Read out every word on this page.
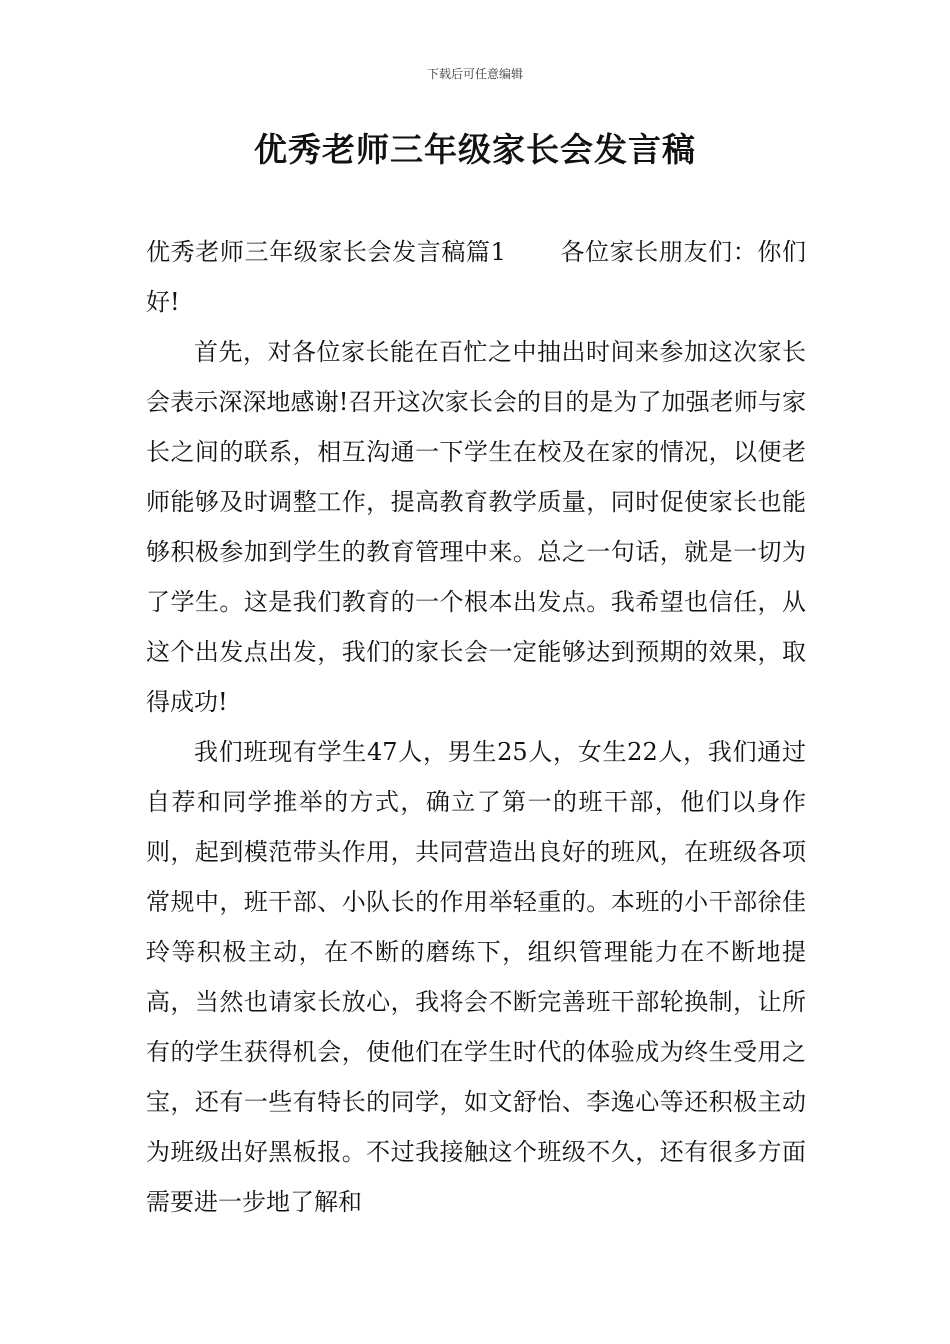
下载后可任意编辑
优秀老师三年级家长会发言稿

优秀老师三年级家长会发言稿篇1 各位家长朋友们：你们好!

首先，对各位家长能在百忙之中抽出时间来参加这次家长会表示深深地感谢!召开这次家长会的目的是为了加强老师与家长之间的联系，相互沟通一下学生在校及在家的情况，以便老师能够及时调整工作，提高教育教学质量，同时促使家长也能够积极参加到学生的教育管理中来。总之一句话，就是一切为了学生。这是我们教育的一个根本出发点。我希望也信任，从这个出发点出发，我们的家长会一定能够达到预期的效果，取得成功!

我们班现有学生47人，男生25人，女生22人，我们通过自荐和同学推举的方式，确立了第一的班干部，他们以身作则，起到模范带头作用，共同营造出良好的班风，在班级各项常规中，班干部、小队长的作用举轻重的。本班的小干部徐佳玲等积极主动，在不断的磨练下，组织管理能力在不断地提高，当然也请家长放心，我将会不断完善班干部轮换制，让所有的学生获得机会，使他们在学生时代的体验成为终生受用之宝，还有一些有特长的同学，如文舒怡、李逸心等还积极主动为班级出好黑板报。不过我接触这个班级不久，还有很多方面需要进一步地了解和
